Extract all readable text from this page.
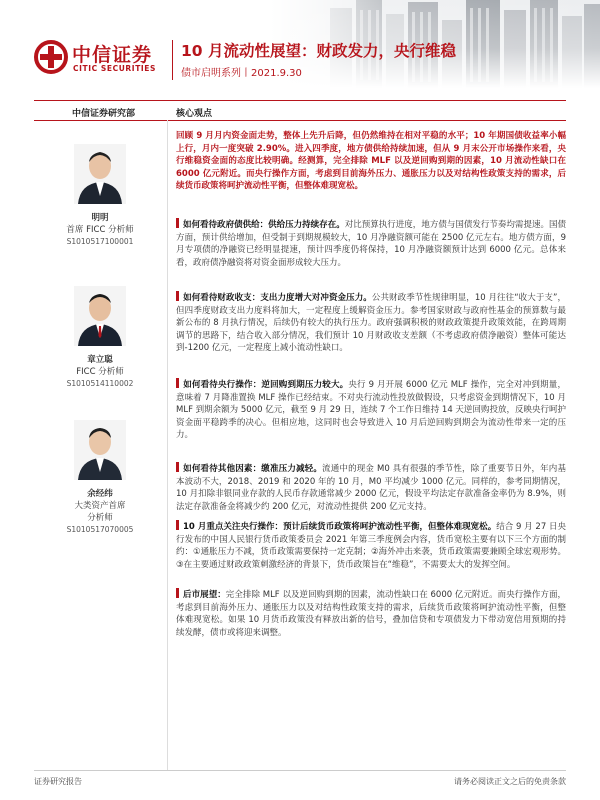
中信证券
CITIC SECURITIES
10 月流动性展望：财政发力，央行维稳
债市启明系列丨2021.9.30
中信证券研究部	核心观点
明明
首席 FICC 分析师
S1010517100001
章立聪
FICC 分析师
S1010514110002
余经纬
大类资产首席
分析师
S1010517070005
回顾 9 月月内资金面走势，整体上先升后降，但仍然维持在相对平稳的水平；10 年期国债收益率小幅上行，月内一度突破 2.90%。进入四季度，地方债供给持续加速，但从 9 月末公开市场操作来看，央行维稳资金面的态度比较明确。经测算，完全排除 MLF 以及逆回购到期的因素，10 月流动性缺口在 6000 亿元附近。而央行操作方面，考虑到目前海外压力、通胀压力以及对结构性政策支持的需求，后续货币政策将呵护流动性平衡，但整体难现宽松。
如何看待政府债供给：供给压力持续存在。对比预算执行进度，地方债与国债发行节奏均需提速。国债方面，预计供给增加，但受制于到期规模较大，10 月净融资额可能在 2500 亿元左右。地方债方面，9 月专项债的净融资已经明显提速，预计四季度仍将保持，10 月净融资额预计达到 6000 亿元。总体来看，政府债净融资将对资金面形成较大压力。
如何看待财政收支：支出力度增大对冲资金压力。公共财政季节性规律明显，10 月往往“收大于支”，但四季度财政支出力度料将加大，一定程度上缓解资金压力。参考国家财政与政府性基金的预算数与最新公布的 8 月执行情况，后续仍有较大的执行压力。政府强调积极的财政政策提升政策效能，在跨周期调节的思路下，结合收入部分情况，我们预计 10 月财政收支差额（不考虑政府债净融资）整体可能达到-1200 亿元，一定程度上减小流动性缺口。
如何看待央行操作：逆回购到期压力较大。央行 9 月开展 6000 亿元 MLF 操作，完全对冲到期量，意味着 7 月降准置换 MLF 操作已经结束。不对央行流动性投放做假设，只考虑资金到期情况下，10 月 MLF 到期余额为 5000 亿元，截至 9 月 29 日，连续 7 个工作日维持 14 天逆回购投放，反映央行呵护资金面平稳跨季的决心。但相应地，这同时也会导致进入 10 月后逆回购到期会为流动性带来一定的压力。
如何看待其他因素：缴准压力减轻。流通中的现金 M0 具有很强的季节性，除了重要节日外，年内基本波动不大，2018、2019 和 2020 年的 10 月，M0 平均减少 1000 亿元。同样的，参考同期情况，10 月扣除非银同业存款的人民币存款通常减少 2000 亿元，假设平均法定存款准备金率仍为 8.9%，则法定存款准备金将减少约 200 亿元，对流动性提供 200 亿元支持。
10 月重点关注央行操作：预计后续货币政策将呵护流动性平衡，但整体难现宽松。结合 9 月 27 日央行发布的中国人民银行货币政策委员会 2021 年第三季度例会内容，货币宽松主要有以下三个方面的制约：①通胀压力不减，货币政策需要保持一定克制；②海外冲击来袭，货币政策需要兼顾全球宏观形势。③在主要通过财政政策刺激经济的背景下，货币政策旨在“维稳”，不需要太大的发挥空间。
后市展望：完全排除 MLF 以及逆回购到期的因素，流动性缺口在 6000 亿元附近。而央行操作方面，考虑到目前海外压力、通胀压力以及对结构性政策支持的需求，后续货币政策将呵护流动性平衡，但整体难现宽松。如果 10 月货币政策没有释放出新的信号，叠加信贷和专项债发力下带动宽信用预期的持续发酵，债市或将迎来调整。
证券研究报告	请务必阅读正文之后的免责条款
